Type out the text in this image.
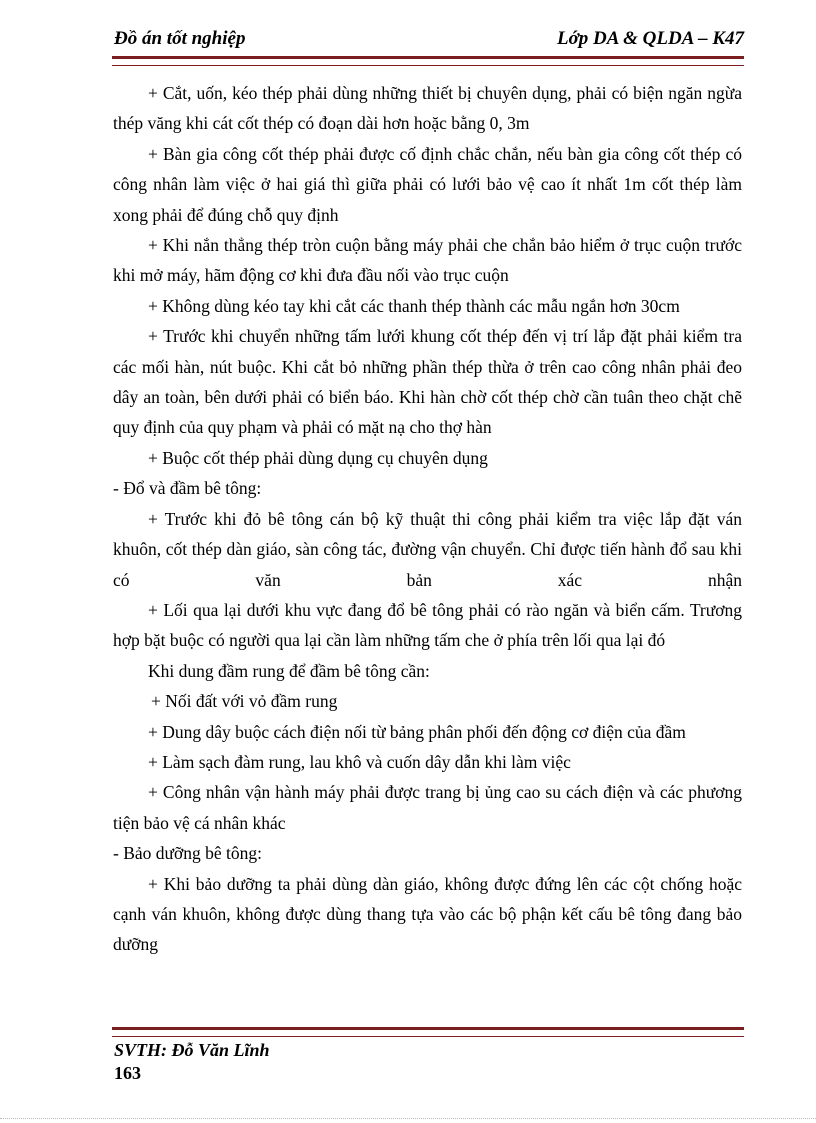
Đồ án tốt nghiệp	Lớp DA & QLDA – K47

+ Cắt, uốn, kéo thép phải dùng những thiết bị chuyên dụng, phải có biện ngăn ngừa thép văng khi cát cốt thép có đoạn dài hơn hoặc bằng 0, 3m

+ Bàn gia công cốt thép phải được cố định chắc chắn, nếu bàn gia công cốt thép có công nhân làm việc ở hai giá thì giữa phải có lưới bảo vệ cao ít nhất 1m cốt thép làm xong phải để đúng chỗ quy định

+ Khi nắn thẳng thép tròn cuộn bằng máy phải che chắn bảo hiểm ở trục cuộn trước khi mở máy, hãm động cơ khi đưa đầu nối vào trục cuộn

+ Không dùng kéo tay khi cắt các thanh thép thành các mẫu ngắn hơn 30cm

+ Trước khi chuyển những tấm lưới khung cốt thép đến vị trí lắp đặt phải kiểm tra các mối hàn, nút buộc. Khi cắt bỏ những phần thép thừa ở trên cao công nhân phải đeo dây an toàn, bên dưới phải có biển báo. Khi hàn chờ cốt thép chờ cần tuân theo chặt chẽ quy định của quy phạm và phải có mặt nạ cho thợ hàn

+ Buộc cốt thép phải dùng dụng cụ chuyên dụng

- Đổ và đầm bê tông:

+ Trước khi đỏ bê tông cán bộ kỹ thuật thi công phải kiểm tra việc lắp đặt ván khuôn, cốt thép dàn giáo, sàn công tác, đường vận chuyển. Chỉ được tiến hành đổ sau khi có văn bản xác nhận

+ Lối qua lại dưới khu vực đang đổ bê tông phải có rào ngăn và biển cấm. Trương hợp bặt buộc có người qua lại cần làm những tấm che ở phía trên lối qua lại đó

Khi dung đầm rung để đầm bê tông cần:

+ Nối đất với vỏ đầm rung

+ Dung dây buộc cách điện nối từ bảng phân phối đến động cơ điện của đầm

+ Làm sạch đàm rung, lau khô và cuốn dây dẫn khi làm việc

+ Công nhân vận hành máy phải được trang bị ủng cao su cách điện và các phương tiện bảo vệ cá nhân khác

- Bảo dưỡng bê tông:

+ Khi bảo dưỡng ta phải dùng dàn giáo, không được đứng lên các cột chống hoặc cạnh ván khuôn, không được dùng thang tựa vào các bộ phận kết cấu bê tông đang bảo dưỡng

SVTH: Đỗ Văn Lĩnh
163
